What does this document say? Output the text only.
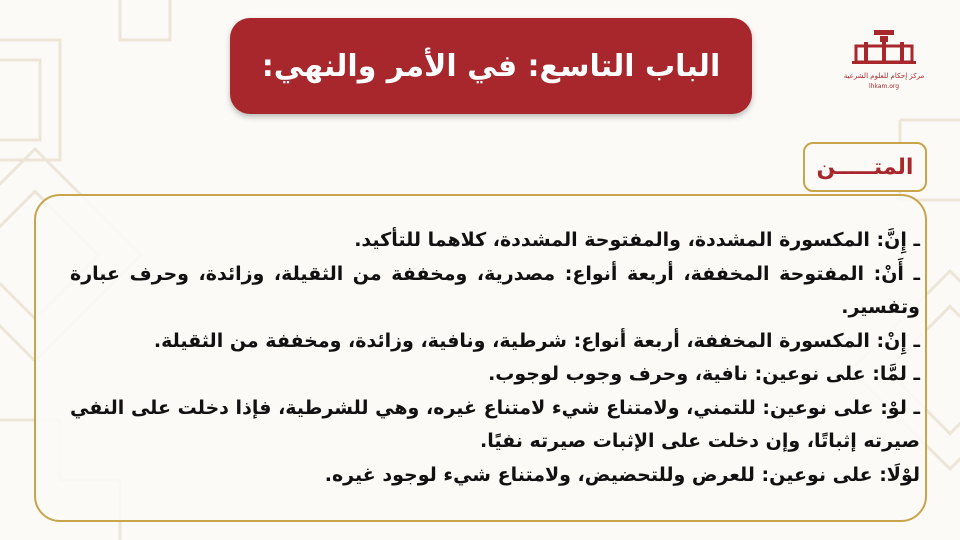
الباب التاسع: في الأمر والنهي:	مركز إحكام للعلوم الشرعية
lhkam.org
المتـــــن

ـ إِنَّ: المكسورة المشددة، والمفتوحة المشددة، كلاهما للتأكيد.

ـ أَنْ: المفتوحة المخففة، أربعة أنواع: مصدرية، ومخففة من الثقيلة، وزائدة، وحرف عبارة وتفسير.

ـ إِنْ: المكسورة المخففة، أربعة أنواع: شرطية، ونافية، وزائدة، ومخففة من الثقيلة.

ـ لمَّا: على نوعين: نافية، وحرف وجوب لوجوب.

ـ لوْ: على نوعين: للتمني، ولامتناع شيء لامتناع غيره، وهي للشرطية، فإذا دخلت على النفي صيرته إثباتًا، وإن دخلت على الإثبات صيرته نفيًا.

لوْلَا: على نوعين: للعرض وللتحضيض، ولامتناع شيء لوجود غيره.
